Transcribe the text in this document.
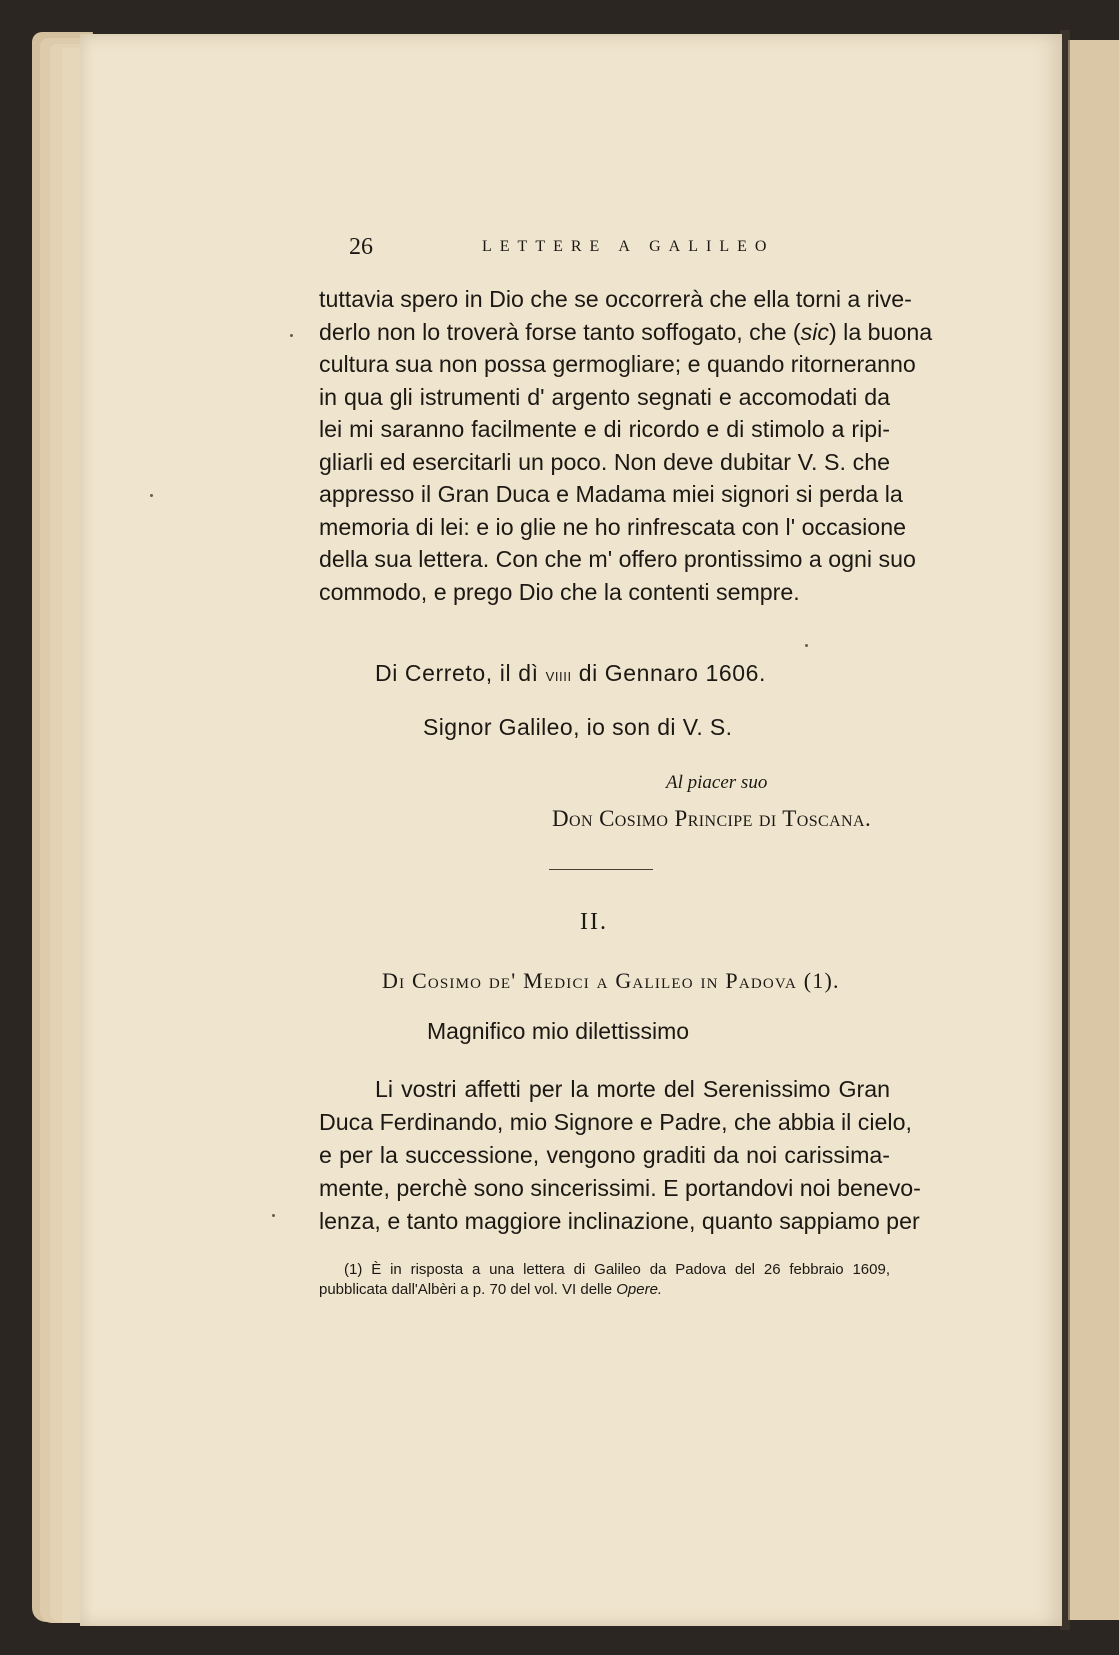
26	LETTERE A GALILEO
tuttavia spero in Dio che se occorrerà che ella torni a rive-
derlo non lo troverà forse tanto soffogato, che (sic) la buona
cultura sua non possa germogliare; e quando ritorneranno
in qua gli istrumenti d' argento segnati e accomodati da
lei mi saranno facilmente e di ricordo e di stimolo a ripi-
gliarli ed esercitarli un poco. Non deve dubitar V. S. che
appresso il Gran Duca e Madama miei signori si perda la
memoria di lei: e io glie ne ho rinfrescata con l' occasione
della sua lettera. Con che m' offero prontissimo a ogni suo
commodo, e prego Dio che la contenti sempre.
Di Cerreto, il dì viiii di Gennaro 1606.
Signor Galileo, io son di V. S.
Al piacer suo
Don Cosimo Principe di Toscana.
II.
Di Cosimo de' Medici a Galileo in Padova (1).
Magnifico mio dilettissimo
Li vostri affetti per la morte del Serenissimo Gran
Duca Ferdinando, mio Signore e Padre, che abbia il cielo,
e per la successione, vengono graditi da noi carissima-
mente, perchè sono sincerissimi. E portandovi noi benevo-
lenza, e tanto maggiore inclinazione, quanto sappiamo per
(1) È in risposta a una lettera di Galileo da Padova del 26 febbraio 1609,
pubblicata dall'Albèri a p. 70 del vol. VI delle Opere.
